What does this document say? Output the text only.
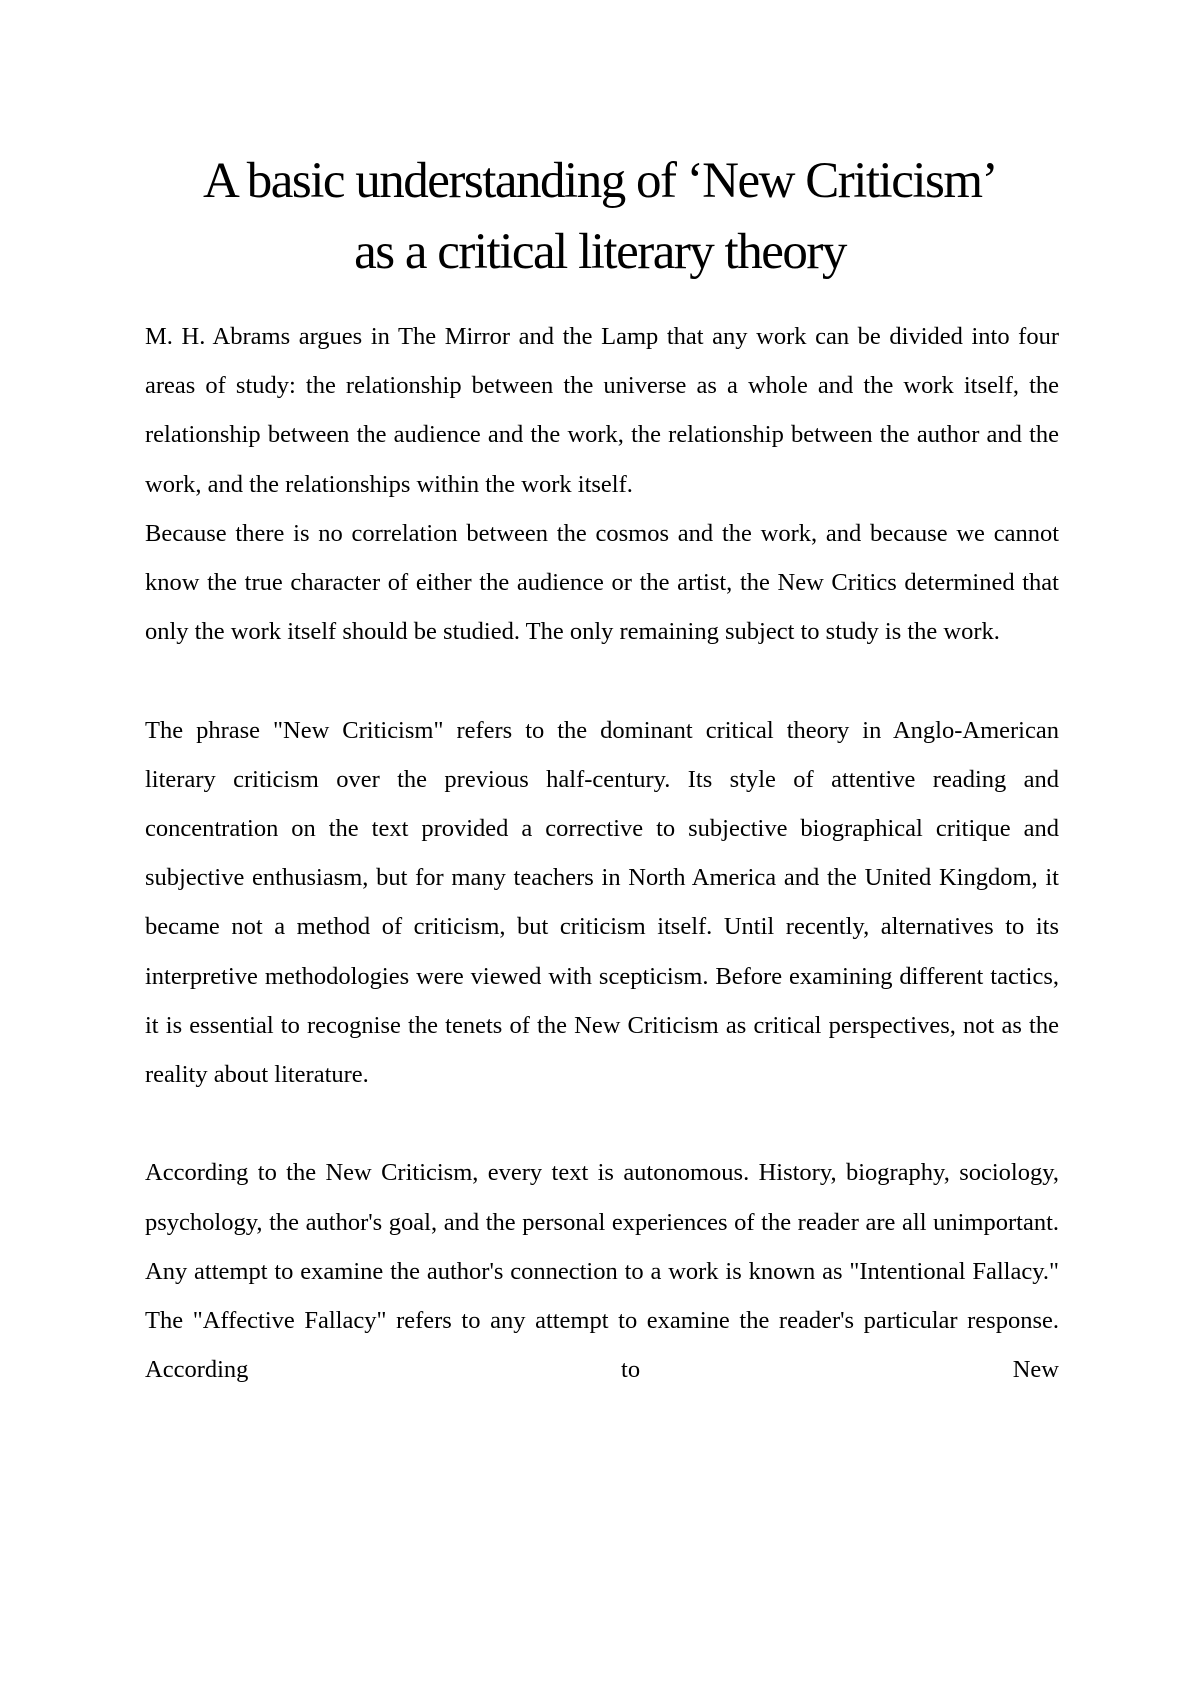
A basic understanding of ‘New Criticism’
as a critical literary theory

M. H. Abrams argues in The Mirror and the Lamp that any work can be divided into four areas of study: the relationship between the universe as a whole and the work itself, the relationship between the audience and the work, the relationship between the author and the work, and the relationships within the work itself.

Because there is no correlation between the cosmos and the work, and because we cannot know the true character of either the audience or the artist, the New Critics determined that only the work itself should be studied. The only remaining subject to study is the work.

The phrase "New Criticism" refers to the dominant critical theory in Anglo-American literary criticism over the previous half-century. Its style of attentive reading and concentration on the text provided a corrective to subjective biographical critique and subjective enthusiasm, but for many teachers in North America and the United Kingdom, it became not a method of criticism, but criticism itself. Until recently, alternatives to its interpretive methodologies were viewed with scepticism. Before examining different tactics, it is essential to recognise the tenets of the New Criticism as critical perspectives, not as the reality about literature.

According to the New Criticism, every text is autonomous. History, biography, sociology, psychology, the author's goal, and the personal experiences of the reader are all unimportant. Any attempt to examine the author's connection to a work is known as "Intentional Fallacy." The "Affective Fallacy" refers to any attempt to examine the reader's particular response. According to New
